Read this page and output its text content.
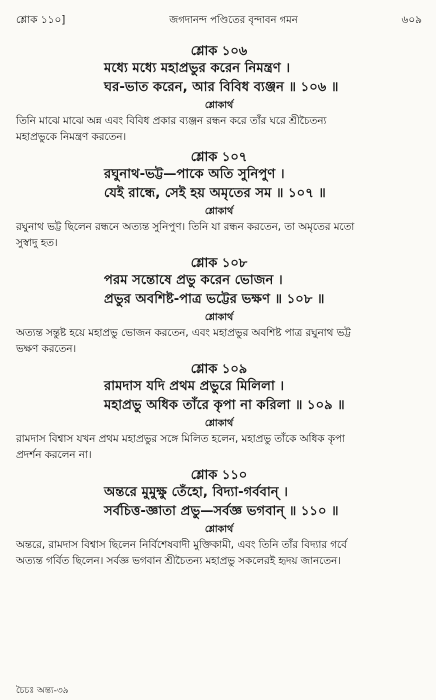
শ্লোক ১১০]	জগদানন্দ পণ্ডিতের বৃন্দাবন গমন	৬০৯
শ্লোক ১০৬
মধ্যে মধ্যে মহাপ্রভুর করেন নিমন্ত্রণ ।
ঘর-ভাত করেন, আর বিবিধ ব্যঞ্জন ॥ ১০৬ ॥
শ্লোকার্থ
তিনি মাঝে মাঝে অন্ন এবং বিবিধ প্রকার ব্যঞ্জন রন্ধন করে তাঁর ঘরে শ্রীচৈতন্য
মহাপ্রভুকে নিমন্ত্রণ করতেন।
শ্লোক ১০৭
রঘুনাথ-ভট্ট—পাকে অতি সুনিপুণ ।
যেই রান্ধে, সেই হয় অমৃতের সম ॥ ১০৭ ॥
শ্লোকার্থ
রঘুনাথ ভট্ট ছিলেন রন্ধনে অত্যন্ত সুনিপুণ। তিনি যা রন্ধন করতেন, তা অমৃতের মতো
সুস্বাদু হত।
শ্লোক ১০৮
পরম সন্তোষে প্রভু করেন ভোজন ।
প্রভুর অবশিষ্ট-পাত্র ভট্টের ভক্ষণ ॥ ১০৮ ॥
শ্লোকার্থ
অত্যন্ত সন্তুষ্ট হয়ে মহাপ্রভু ভোজন করতেন, এবং মহাপ্রভুর অবশিষ্ট পাত্র রঘুনাথ ভট্ট
ভক্ষণ করতেন।
শ্লোক ১০৯
রামদাস যদি প্রথম প্রভুরে মিলিলা ।
মহাপ্রভু অধিক তাঁরে কৃপা না করিলা ॥ ১০৯ ॥
শ্লোকার্থ
রামদাস বিশ্বাস যখন প্রথম মহাপ্রভুর সঙ্গে মিলিত হলেন, মহাপ্রভু তাঁকে অধিক কৃপা
প্রদর্শন করলেন না।
শ্লোক ১১০
অন্তরে মুমুক্ষু তেঁহো, বিদ্যা-গর্ববান্ ।
সর্বচিত্ত-জ্ঞাতা প্রভু—সর্বজ্ঞ ভগবান্ ॥ ১১০ ॥
শ্লোকার্থ
অন্তরে, রামদাস বিশ্বাস ছিলেন নির্বিশেষবাদী মুক্তিকামী, এবং তিনি তাঁর বিদ্যার গর্বে
অত্যন্ত গর্বিত ছিলেন। সর্বজ্ঞ ভগবান শ্রীচৈতন্য মহাপ্রভু সকলেরই হৃদয় জানতেন।
চৈচঃ অন্ত্য-৩৯
